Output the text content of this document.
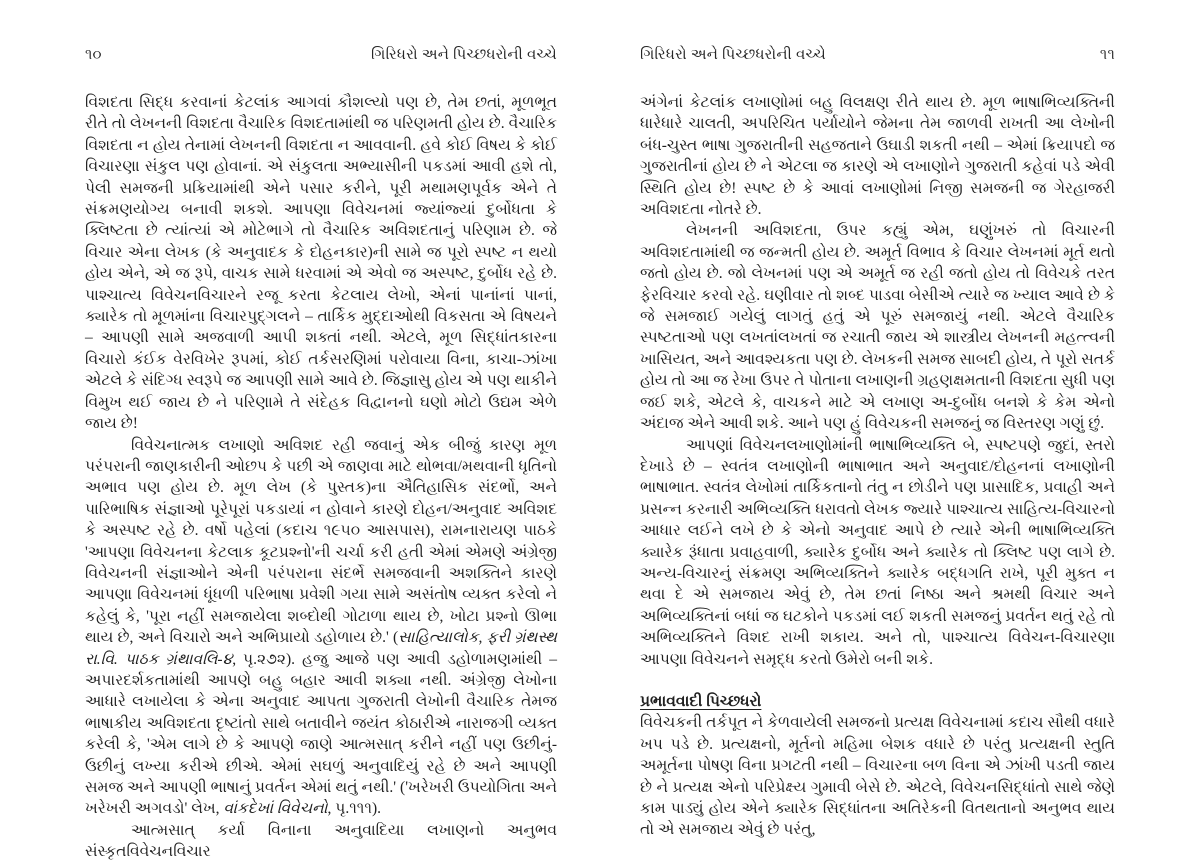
૧૦	ગિરિધરો અને પિચ્છધરોની વચ્ચે

વિશદતા સિદ્ધ કરવાનાં કેટલાંક આગવાં કૌશલ્યો પણ છે, તેમ છતાં, મૂળભૂત રીતે તો લેખનની વિશદતા વૈચારિક વિશદતામાંથી જ પરિણમતી હોય છે. વૈચારિક વિશદતા ન હોય તેનામાં લેખનની વિશદતા ન આવવાની. હવે કોઈ વિષય કે કોઈ વિચારણા સંકુલ પણ હોવાનાં. એ સંકુલતા અભ્યાસીની પકડમાં આવી હશે તો, પેલી સમજની પ્રક્રિયામાંથી એને પસાર કરીને, પૂરી મથામણપૂર્વક એને તે સંક્રમણયોગ્ય બનાવી શકશે. આપણા વિવેચનમાં જ્યાંજ્યાં દુર્બોધતા કે ક્લિષ્ટતા છે ત્યાંત્યાં એ મોટેભાગે તો વૈચારિક અવિશદતાનું પરિણામ છે. જે વિચાર એના લેખક (કે અનુવાદક કે દોહનકાર)ની સામે જ પૂરો સ્પષ્ટ ન થયો હોય એને, એ જ રૂપે, વાચક સામે ધરવામાં એ એવો જ અસ્પષ્ટ, દુર્બોધ રહે છે. પાશ્ચાત્ય વિવેચનવિચારને રજૂ કરતા કેટલાય લેખો, એનાં પાનાંનાં પાનાં, ક્યારેક તો મૂળમાંના વિચારપુદ્ગલને – તાર્કિક મુદ્દાઓથી વિકસતા એ વિષયને – આપણી સામે અજવાળી આપી શક્તાં નથી. એટલે, મૂળ સિદ્ધાંતકારના વિચારો કંઈક વેરવિખેર રૂપમાં, કોઈ તર્કસરણિમાં પરોવાયા વિના, કાચા-ઝાંખા એટલે કે સંદિગ્ધ સ્વરૂપે જ આપણી સામે આવે છે. જિજ્ઞાસુ હોય એ પણ થાકીને વિમુખ થઈ જાય છે ને પરિણામે તે સંદેહક વિદ્વાનનો ઘણો મોટો ઉદ્યમ એળે જાય છે!

વિવેચનાત્મક લખાણો અવિશદ રહી જવાનું એક બીજું કારણ મૂળ પરંપરાની જાણકારીની ઓછપ કે પછી એ જાણવા માટે થોભવા/મથવાની ધૃતિનો અભાવ પણ હોય છે. મૂળ લેખ (કે પુસ્તક)ના ઐતિહાસિક સંદર્ભો, અને પારિભાષિક સંજ્ઞાઓ પૂરેપૂરાં પકડાયાં ન હોવાને કારણે દોહન/અનુવાદ અવિશદ કે અસ્પષ્ટ રહે છે. વર્ષો પહેલાં (કદાચ ૧૯૫૦ આસપાસ), રામનારાયણ પાઠકે 'આપણા વિવેચનના કેટલાક કૂટપ્રશ્નો'ની ચર્ચા કરી હતી એમાં એમણે અંગ્રેજી વિવેચનની સંજ્ઞાઓને એની પરંપરાના સંદર્ભે સમજવાની અશક્તિને કારણે આપણા વિવેચનમાં ધૂંધળી પરિભાષા પ્રવેશી ગયા સામે અસંતોષ વ્યક્ત કરેલો ને કહેલું કે, 'પૂરા નહીં સમજાયેલા શબ્દોથી ગોટાળા થાય છે, ખોટા પ્રશ્નો ઊભા થાય છે, અને વિચારો અને અભિપ્રાયો ડહોળાય છે.' (સાહિત્યાલોક, ફરી ગ્રંથસ્થ રા.વિ. પાઠક ગ્રંથાવલિ-૪, પૃ.૨૭૨). હજુ આજે પણ આવી ડહોળામણમાંથી – અપારદર્શકતામાંથી આપણે બહુ બહાર આવી શક્યા નથી. અંગ્રેજી લેખોના આધારે લખાયેલા કે એના અનુવાદ આપતા ગુજરાતી લેખોની વૈચારિક તેમજ ભાષાકીય અવિશદતા દૃષ્ટાંતો સાથે બતાવીને જયંત કોઠારીએ નારાજગી વ્યક્ત કરેલી કે, 'એમ લાગે છે કે આપણે જાણે આત્મસાત્ કરીને નહીં પણ ઉછીનું-ઉછીનું લખ્યા કરીએ છીએ. એમાં સઘળું અનુવાદિયું રહે છે અને આપણી સમજ અને આપણી ભાષાનું પ્રવર્તન એમાં થતું નથી.' ('ખરેખરી ઉપયોગિતા અને ખરેખરી અગવડો' લેખ, વાંકદેખાં વિવેચનો, પૃ.૧૧૧).

આત્મસાત્ કર્યા વિનાના અનુવાદિયા લખાણનો અનુભવ સંસ્કૃતવિવેચનવિચાર

ગિરિધરો અને પિચ્છધરોની વચ્ચે	૧૧

અંગેનાં કેટલાંક લખાણોમાં બહુ વિલક્ષણ રીતે થાય છે. મૂળ ભાષાભિવ્યક્તિની ધારેધારે ચાલતી, અપરિચિત પર્યાયોને જેમના તેમ જાળવી રાખતી આ લેખોની બંધ-ચુસ્ત ભાષા ગુજરાતીની સહજતાને ઉઘાડી શકતી નથી – એમાં ક્રિયાપદો જ ગુજરાતીનાં હોય છે ને એટલા જ કારણે એ લખાણોને ગુજરાતી કહેવાં પડે એવી સ્થિતિ હોય છે! સ્પષ્ટ છે કે આવાં લખાણોમાં નિજી સમજની જ ગેરહાજરી અવિશદતા નોતરે છે.

લેખનની અવિશદતા, ઉપર કહ્યું એમ, ઘણુંખરું તો વિચારની અવિશદતામાંથી જ જન્મતી હોય છે. અમૂર્ત વિભાવ કે વિચાર લેખનમાં મૂર્ત થતો જતો હોય છે. જો લેખનમાં પણ એ અમૂર્ત જ રહી જતો હોય તો વિવેચકે તરત ફેરવિચાર કરવો રહે. ઘણીવાર તો શબ્દ પાડવા બેસીએ ત્યારે જ ખ્યાલ આવે છે કે જે સમજાઈ ગયેલું લાગતું હતું એ પૂરું સમજાયું નથી. એટલે વૈચારિક સ્પષ્ટતાઓ પણ લખતાંલખતાં જ રચાતી જાય એ શાસ્ત્રીય લેખનની મહત્ત્વની ખાસિયત, અને આવશ્યકતા પણ છે. લેખકની સમજ સાબદી હોય, તે પૂરો સતર્ક હોય તો આ જ રેખા ઉપર તે પોતાના લખાણની ગ્રહણક્ષમતાની વિશદતા સુધી પણ જઈ શકે, એટલે કે, વાચકને માટે એ લખાણ અ-દુર્બોધ બનશે કે કેમ એનો અંદાજ એને આવી શકે. આને પણ હું વિવેચકની સમજનું જ વિસ્તરણ ગણું છું.

આપણાં વિવેચનલખાણોમાંની ભાષાભિવ્યક્તિ બે, સ્પષ્ટપણે જુદાં, સ્તરો દેખાડે છે – સ્વતંત્ર લખાણોની ભાષાભાત અને અનુવાદ/દોહનનાં લખાણોની ભાષાભાત. સ્વતંત્ર લેખોમાં તાર્કિકતાનો તંતુ ન છોડીને પણ પ્રાસાદિક, પ્રવાહી અને પ્રસન્ન કરનારી અભિવ્યક્તિ ધરાવતો લેખક જ્યારે પાશ્ચાત્ય સાહિત્ય-વિચારનો આધાર લઈને લખે છે કે એનો અનુવાદ આપે છે ત્યારે એની ભાષાભિવ્યક્તિ ક્યારેક રૂંધાતા પ્રવાહવાળી, ક્યારેક દુર્બોધ અને ક્યારેક તો ક્લિષ્ટ પણ લાગે છે. અન્ય-વિચારનું સંક્રમણ અભિવ્યક્તિને ક્યારેક બદ્ધગતિ રાખે, પૂરી મુક્ત ન થવા દે એ સમજાય એવું છે, તેમ છતાં નિષ્ઠા અને શ્રમથી વિચાર અને અભિવ્યક્તિનાં બધાં જ ઘટકોને પકડમાં લઈ શકતી સમજનું પ્રવર્તન થતું રહે તો અભિવ્યક્તિને વિશદ રાખી શકાય. અને તો, પાશ્ચાત્ય વિવેચન-વિચારણા આપણા વિવેચનને સમૃદ્ધ કરતો ઉમેરો બની શકે.

પ્રભાવવાદી પિચ્છધરો

વિવેચકની તર્કપૂત ને કેળવાયેલી સમજનો પ્રત્યક્ષ વિવેચનામાં કદાચ સૌથી વધારે ખપ પડે છે. પ્રત્યક્ષનો, મૂર્તનો મહિમા બેશક વધારે છે પરંતુ પ્રત્યક્ષની સ્તુતિ અમૂર્તના પોષણ વિના પ્રગટતી નથી – વિચારના બળ વિના એ ઝાંખી પડતી જાય છે ને પ્રત્યક્ષ એનો પરિપ્રેક્ષ્ય ગુમાવી બેસે છે. એટલે, વિવેચનસિદ્ધાંતો સાથે જેણે કામ પાડ્યું હોય એને ક્યારેક સિદ્ધાંતના અતિરેકની વિતથતાનો અનુભવ થાય તો એ સમજાય એવું છે પરંતુ,
